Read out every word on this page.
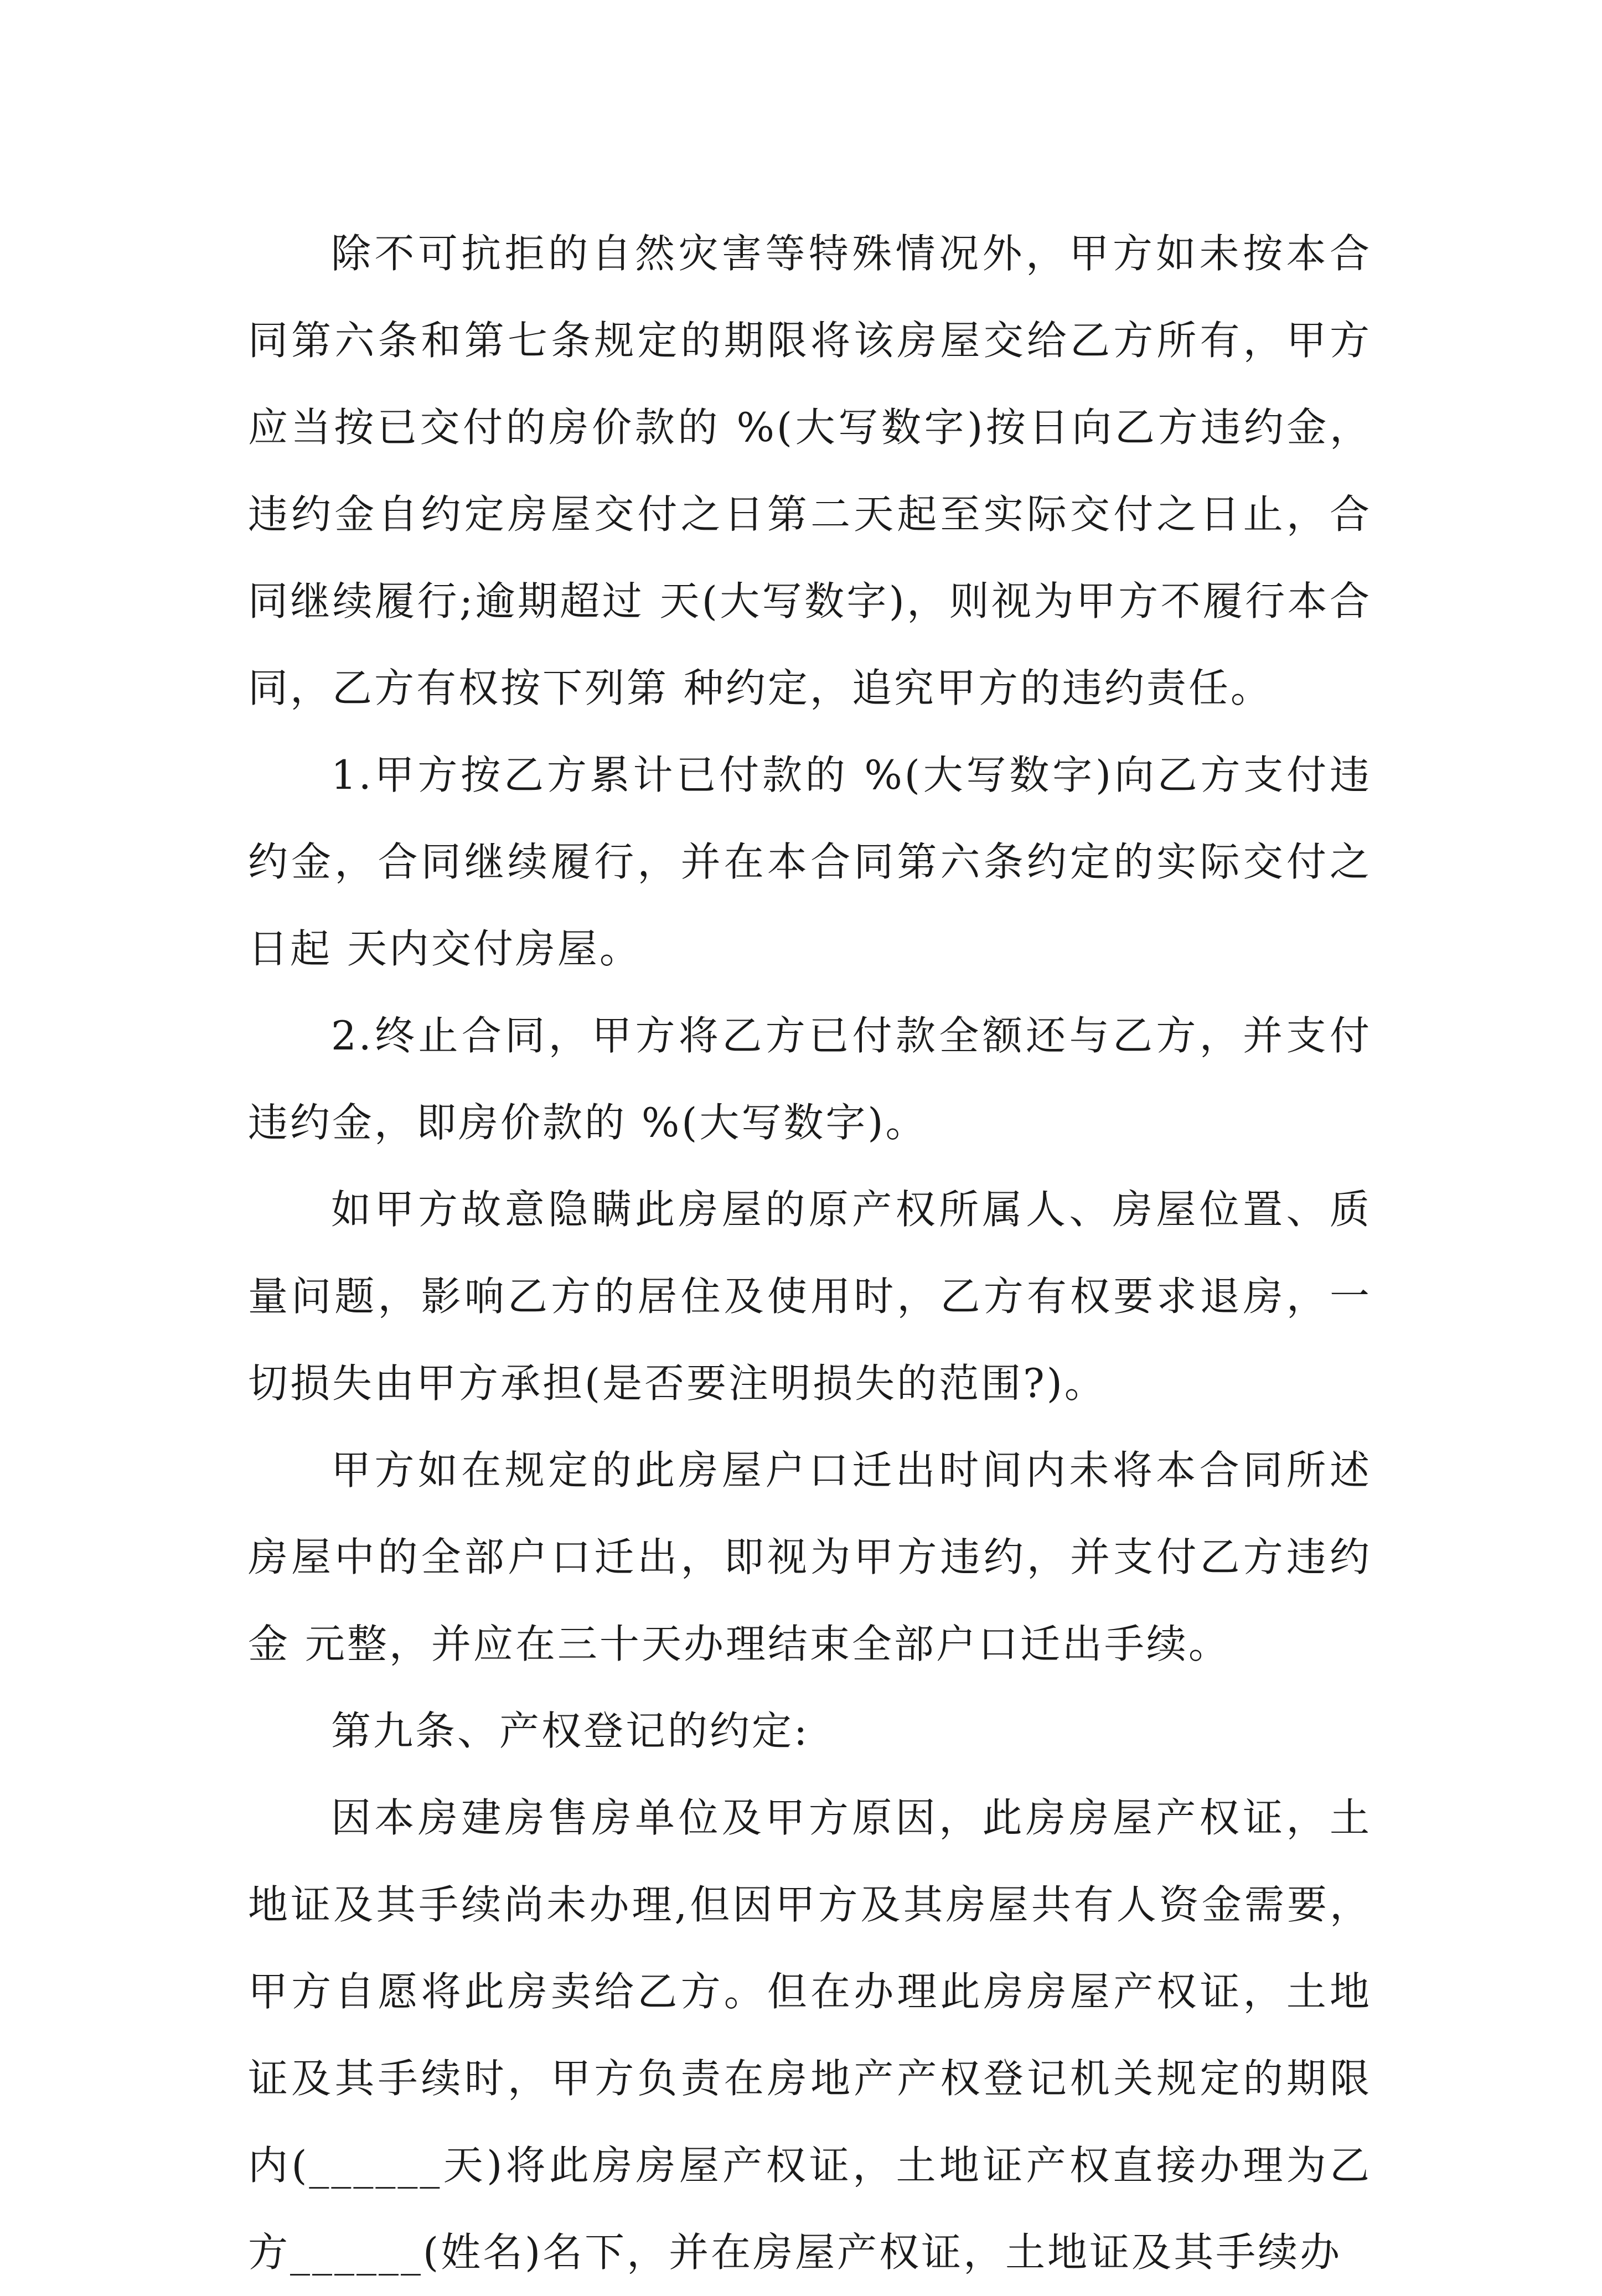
除不可抗拒的自然灾害等特殊情况外，甲方如未按本合同第六条和第七条规定的期限将该房屋交给乙方所有，甲方应当按已交付的房价款的 %(大写数字)按日向乙方违约金，违约金自约定房屋交付之日第二天起至实际交付之日止，合同继续履行;逾期超过 天(大写数字)，则视为甲方不履行本合同，乙方有权按下列第 种约定，追究甲方的违约责任。

1.甲方按乙方累计已付款的 %(大写数字)向乙方支付违约金，合同继续履行，并在本合同第六条约定的实际交付之日起 天内交付房屋。

2.终止合同，甲方将乙方已付款全额还与乙方，并支付违约金，即房价款的 %(大写数字)。

如甲方故意隐瞒此房屋的原产权所属人、房屋位置、质量问题，影响乙方的居住及使用时，乙方有权要求退房，一切损失由甲方承担(是否要注明损失的范围?)。

甲方如在规定的此房屋户口迁出时间内未将本合同所述房屋中的全部户口迁出，即视为甲方违约，并支付乙方违约金 元整，并应在三十天办理结束全部户口迁出手续。

第九条、产权登记的约定:

因本房建房售房单位及甲方原因，此房房屋产权证，土地证及其手续尚未办理,但因甲方及其房屋共有人资金需要，甲方自愿将此房卖给乙方。但在办理此房房屋产权证，土地证及其手续时，甲方负责在房地产产权登记机关规定的期限内(______天)将此房房屋产权证，土地证产权直接办理为乙方______(姓名)名下，并在房屋产权证，土地证及其手续办
